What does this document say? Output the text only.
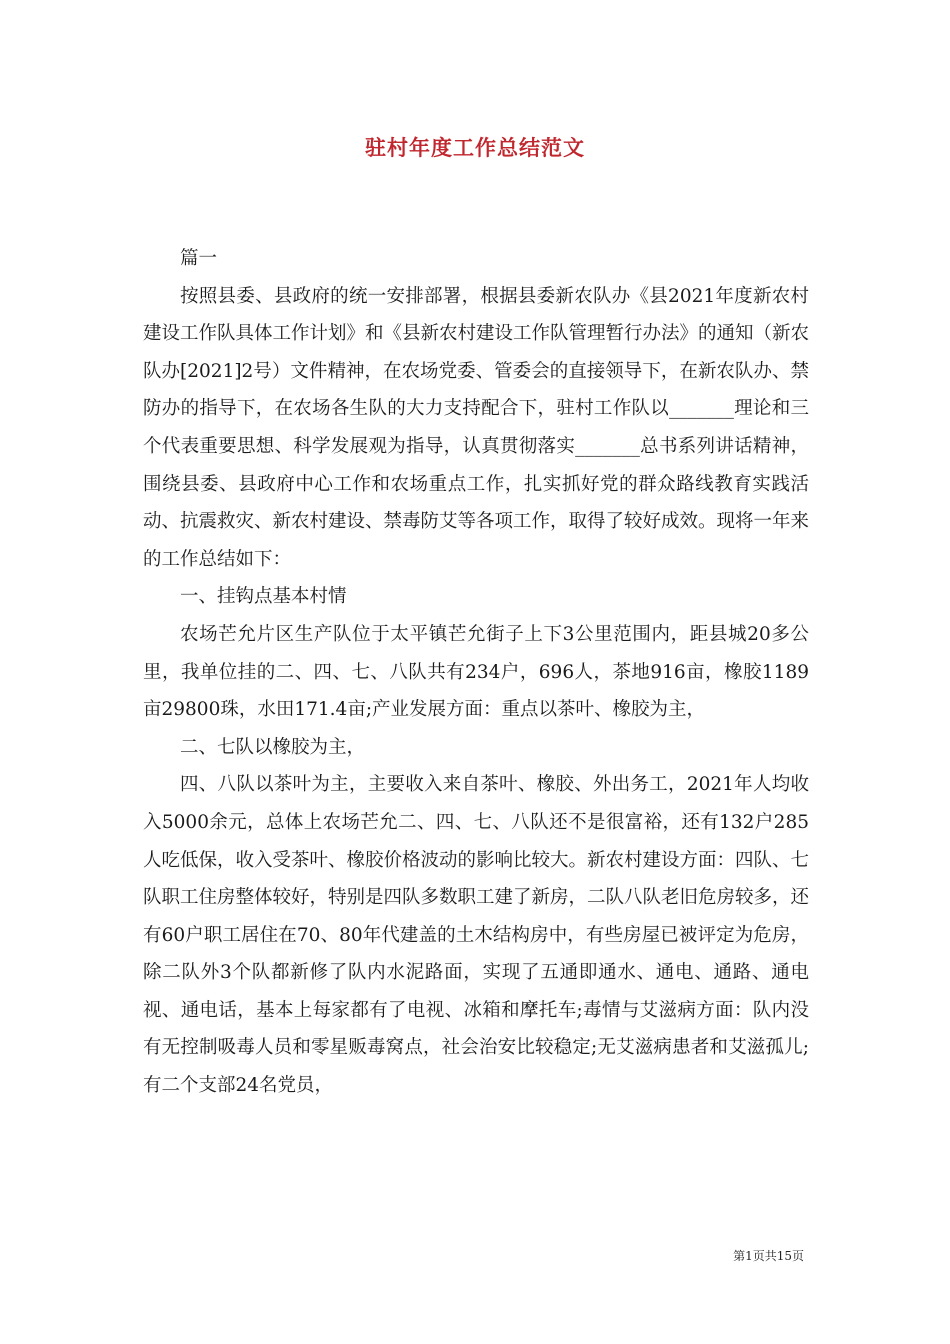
驻村年度工作总结范文

篇一

按照县委、县政府的统一安排部署，根据县委新农队办《县2021年度新农村建设工作队具体工作计划》和《县新农村建设工作队管理暂行办法》的通知（新农队办[2021]2号）文件精神，在农场党委、管委会的直接领导下，在新农队办、禁防办的指导下，在农场各生队的大力支持配合下，驻村工作队以_______理论和三个代表重要思想、科学发展观为指导，认真贯彻落实_______总书系列讲话精神，围绕县委、县政府中心工作和农场重点工作，扎实抓好党的群众路线教育实践活动、抗震救灾、新农村建设、禁毒防艾等各项工作，取得了较好成效。现将一年来的工作总结如下：

一、挂钩点基本村情

农场芒允片区生产队位于太平镇芒允街子上下3公里范围内，距县城20多公里，我单位挂的二、四、七、八队共有234户，696人，茶地916亩，橡胶1189亩29800珠，水田171.4亩;产业发展方面：重点以茶叶、橡胶为主，

二、七队以橡胶为主，

四、八队以茶叶为主，主要收入来自茶叶、橡胶、外出务工，2021年人均收入5000余元，总体上农场芒允二、四、七、八队还不是很富裕，还有132户285人吃低保，收入受茶叶、橡胶价格波动的影响比较大。新农村建设方面：四队、七队职工住房整体较好，特别是四队多数职工建了新房，二队八队老旧危房较多，还有60户职工居住在70、80年代建盖的土木结构房中，有些房屋已被评定为危房，除二队外3个队都新修了队内水泥路面，实现了五通即通水、通电、通路、通电视、通电话，基本上每家都有了电视、冰箱和摩托车;毒情与艾滋病方面：队内没有无控制吸毒人员和零星贩毒窝点，社会治安比较稳定;无艾滋病患者和艾滋孤儿;有二个支部24名党员，

第1页共15页
